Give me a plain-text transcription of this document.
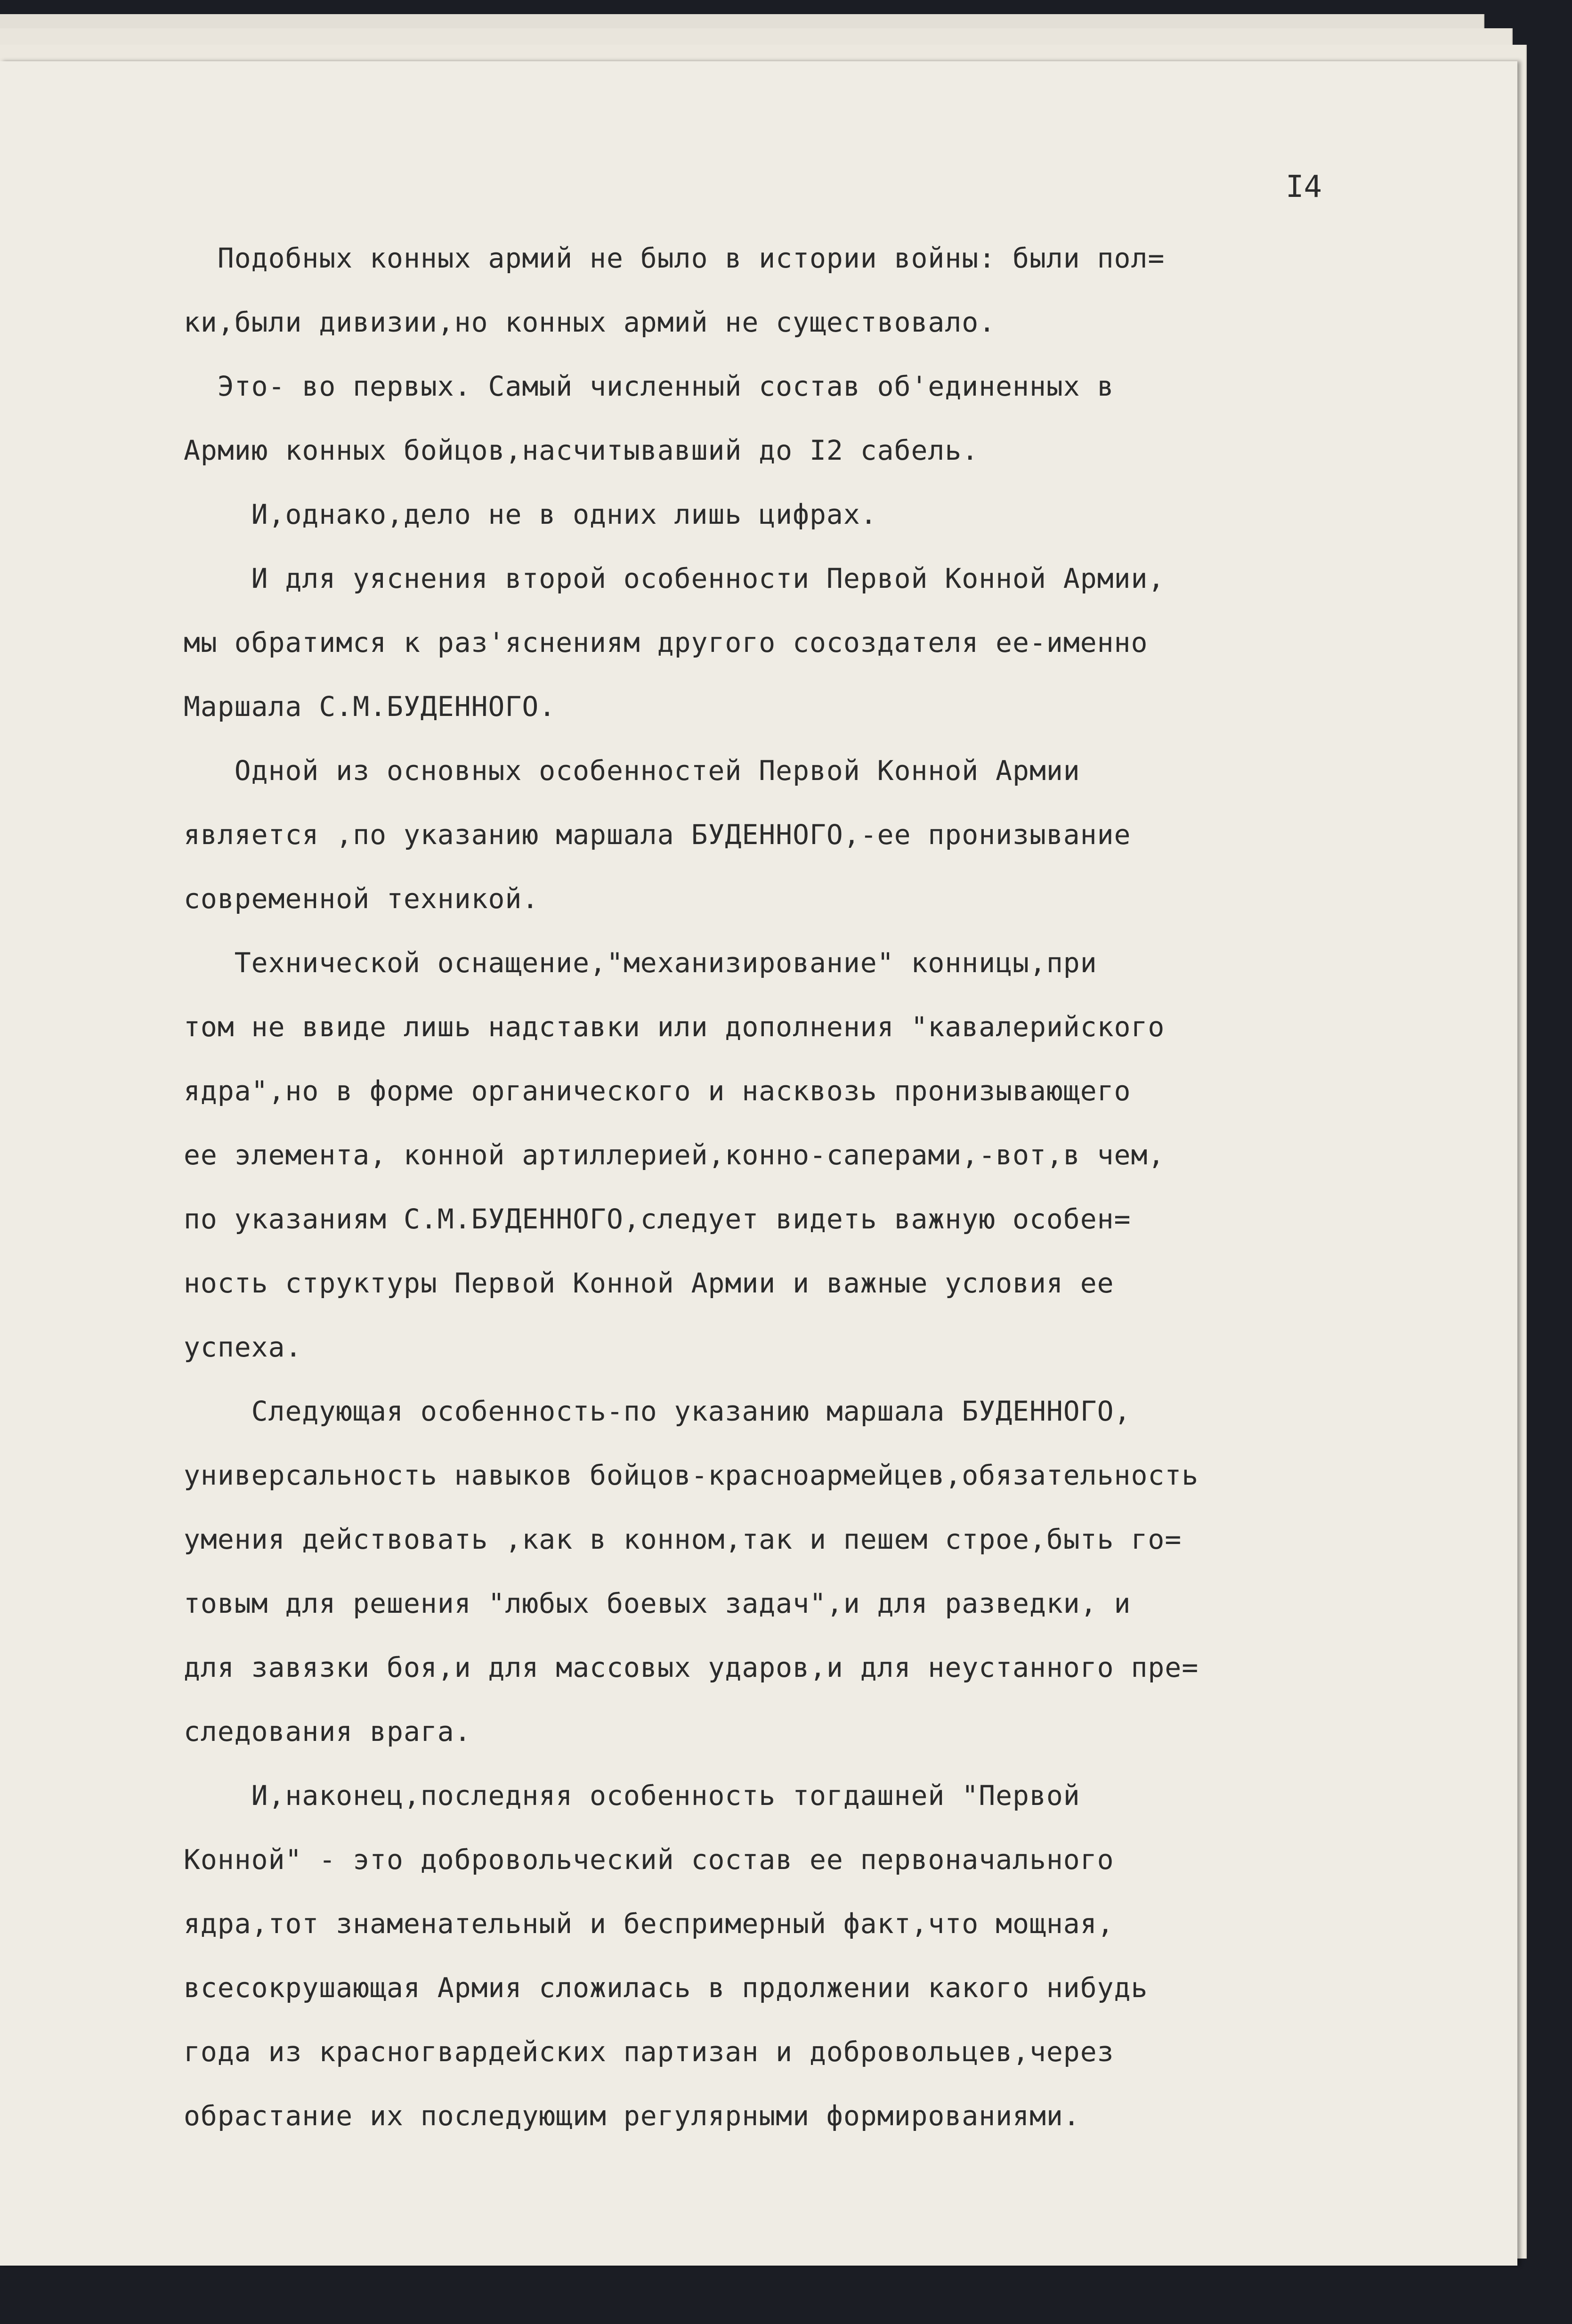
I4

Подобных конных армий не было в истории войны: были пол=

ки,были дивизии,но конных армий не существовало.

Это- во первых. Самый численный состав об'единенных в

Армию конных бойцов,насчитывавший до I2 сабель.

И,однако,дело не в одних лишь цифрах.

И для уяснения второй особенности Первой Конной Армии,

мы обратимся к раз'яснениям другого сосоздателя ее-именно

Маршала С.М.БУДЕННОГО.

Одной из основных особенностей Первой Конной Армии

является ,по указанию маршала БУДЕННОГО,-ее пронизывание

современной техникой.

Технической оснащение,"механизирование" конницы,при

том не ввиде лишь надставки или дополнения "кавалерийского

ядра",но в форме органического и насквозь пронизывающего

ее элемента, конной артиллерией,конно-саперами,-вот,в чем,

по указаниям С.М.БУДЕННОГО,следует видеть важную особен=

ность структуры Первой Конной Армии и важные условия ее

успеха.

Следующая особенность-по указанию маршала БУДЕННОГО,

универсальность навыков бойцов-красноармейцев,обязательность

умения действовать ,как в конном,так и пешем строе,быть го=

товым для решения "любых боевых задач",и для разведки, и

для завязки боя,и для массовых ударов,и для неустанного пре=

следования врага.

И,наконец,последняя особенность тогдашней "Первой

Конной" - это добровольческий состав ее первоначального

ядра,тот знаменательный и беспримерный факт,что мощная,

всесокрушающая Армия сложилась в прдолжении какого нибудь

года из красногвардейских партизан и добровольцев,через

обрастание их последующим регулярными формированиями.
